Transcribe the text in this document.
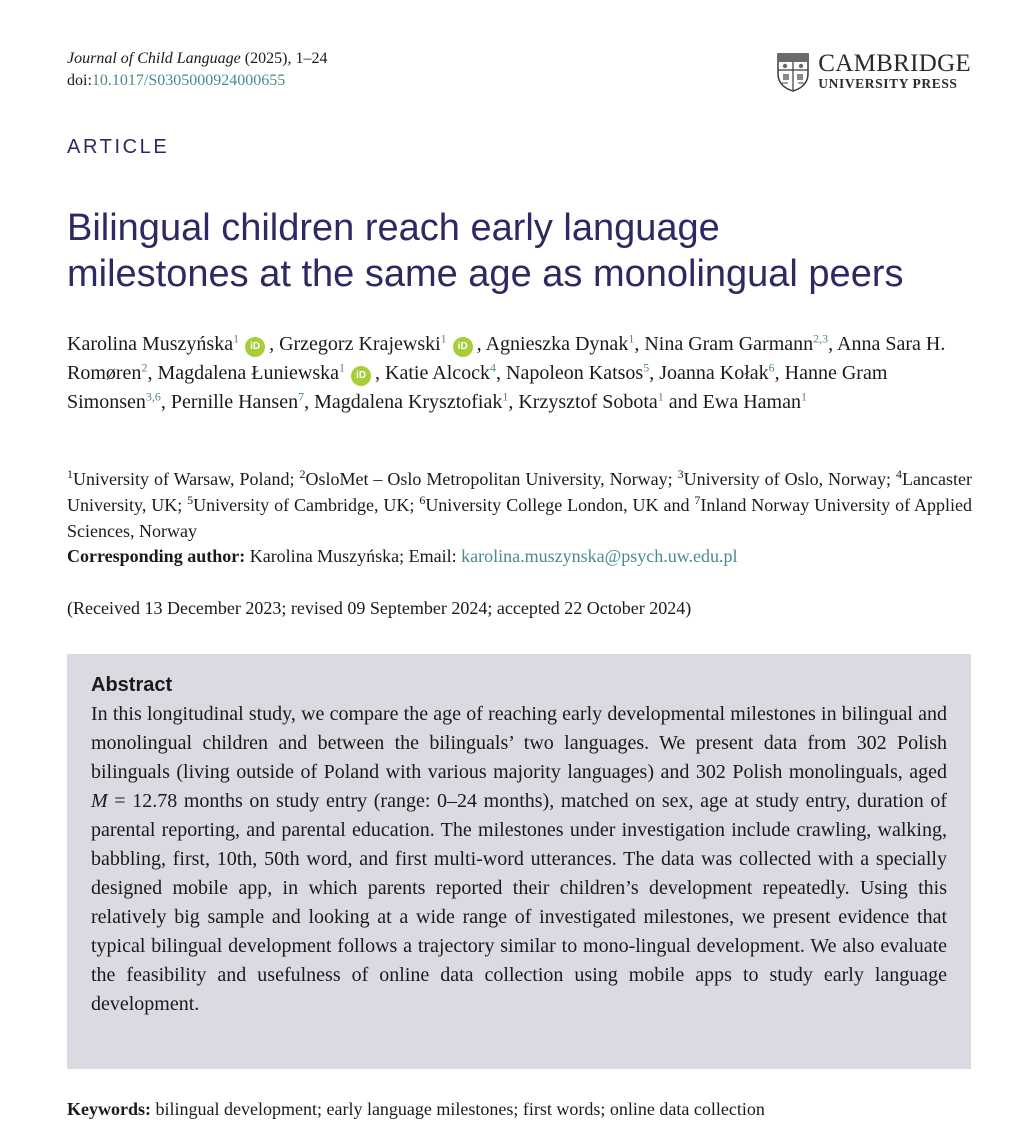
Journal of Child Language (2025), 1–24
doi:10.1017/S0305000924000655
CAMBRIDGE
UNIVERSITY PRESS
ARTICLE
Bilingual children reach early language
milestones at the same age as monolingual peers
Karolina Muszyńska$^1$iD , Grzegorz Krajewski$^1$iD , Agnieszka Dynak$^1$, Nina Gram Garmann$^{2,3}$, Anna Sara H. Romøren$^2$, Magdalena Łuniewska$^1$iD , Katie Alcock$^4$, Napoleon Katsos$^5$, Joanna Kołak$^6$, Hanne Gram Simonsen$^{3,6}$, Pernille Hansen$^7$, Magdalena Krysztofiak$^1$, Krzysztof Sobota$^1$ and Ewa Haman$^1$
$^1$University of Warsaw, Poland; $^2$OsloMet – Oslo Metropolitan University, Norway; $^3$University of Oslo, Norway; $^4$Lancaster University, UK; $^5$University of Cambridge, UK; $^6$University College London, UK and $^7$Inland Norway University of Applied Sciences, Norway
Corresponding author: Karolina Muszyńska; Email: karolina.muszynska@psych.uw.edu.pl
(Received 13 December 2023; revised 09 September 2024; accepted 22 October 2024)
Abstract

In this longitudinal study, we compare the age of reaching early developmental milestones in bilingual and monolingual children and between the bilinguals’ two languages. We present data from 302 Polish bilinguals (living outside of Poland with various majority languages) and 302 Polish monolinguals, aged M = 12.78 months on study entry (range: 0–24 months), matched on sex, age at study entry, duration of parental reporting, and parental education. The milestones under investigation include crawling, walking, babbling, first, 10th, 50th word, and first multi-word utterances. The data was collected with a specially designed mobile app, in which parents reported their children’s development repeatedly. Using this relatively big sample and looking at a wide range of investigated milestones, we present evidence that typical bilingual development follows a trajectory similar to mono-lingual development. We also evaluate the feasibility and usefulness of online data collection using mobile apps to study early language development.

Keywords: bilingual development; early language milestones; first words; online data collection
